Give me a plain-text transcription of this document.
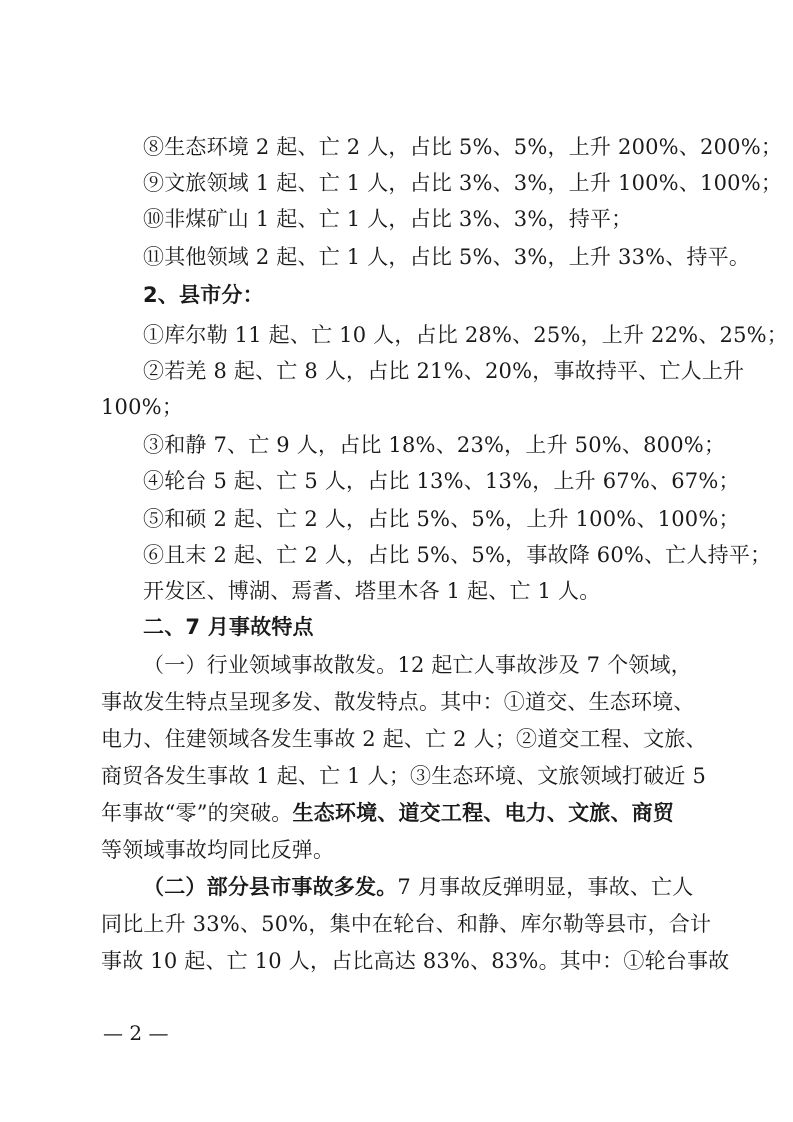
⑧生态环境 2 起、亡 2 人，占比 5%、5%，上升 200%、200%；
⑨文旅领域 1 起、亡 1 人，占比 3%、3%，上升 100%、100%；
⑩非煤矿山 1 起、亡 1 人，占比 3%、3%，持平；
⑪其他领域 2 起、亡 1 人，占比 5%、3%，上升 33%、持平。
2、县市分：
①库尔勒 11 起、亡 10 人，占比 28%、25%，上升 22%、25%；
②若羌 8 起、亡 8 人，占比 21%、20%，事故持平、亡人上升
100%；
③和静 7、亡 9 人，占比 18%、23%，上升 50%、800%；
④轮台 5 起、亡 5 人，占比 13%、13%，上升 67%、67%；
⑤和硕 2 起、亡 2 人，占比 5%、5%，上升 100%、100%；
⑥且末 2 起、亡 2 人，占比 5%、5%，事故降 60%、亡人持平；
开发区、博湖、焉耆、塔里木各 1 起、亡 1 人。
二、7 月事故特点
（一）行业领域事故散发。12 起亡人事故涉及 7 个领域，
事故发生特点呈现多发、散发特点。其中：①道交、生态环境、
电力、住建领域各发生事故 2 起、亡 2 人；②道交工程、文旅、
商贸各发生事故 1 起、亡 1 人；③生态环境、文旅领域打破近 5
年事故“零”的突破。生态环境、道交工程、电力、文旅、商贸
等领域事故均同比反弹。
（二）部分县市事故多发。7 月事故反弹明显，事故、亡人
同比上升 33%、50%，集中在轮台、和静、库尔勒等县市，合计
事故 10 起、亡 10 人，占比高达 83%、83%。其中：①轮台事故
— 2 —
